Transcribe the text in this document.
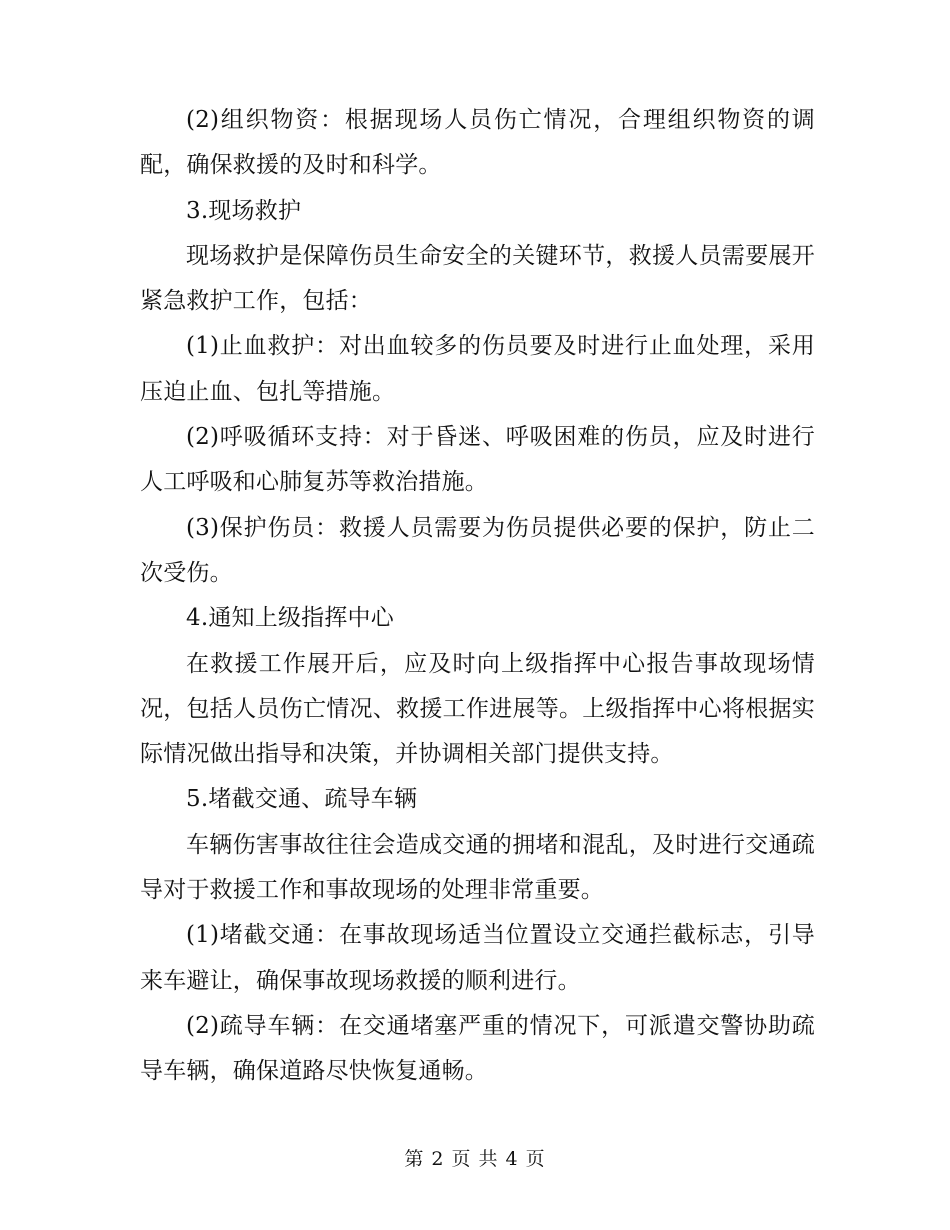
(2)组织物资：根据现场人员伤亡情况，合理组织物资的调配，确保救援的及时和科学。

3.现场救护

现场救护是保障伤员生命安全的关键环节，救援人员需要展开紧急救护工作，包括：

(1)止血救护：对出血较多的伤员要及时进行止血处理，采用压迫止血、包扎等措施。

(2)呼吸循环支持：对于昏迷、呼吸困难的伤员，应及时进行人工呼吸和心肺复苏等救治措施。

(3)保护伤员：救援人员需要为伤员提供必要的保护，防止二次受伤。

4.通知上级指挥中心

在救援工作展开后，应及时向上级指挥中心报告事故现场情况，包括人员伤亡情况、救援工作进展等。上级指挥中心将根据实际情况做出指导和决策，并协调相关部门提供支持。

5.堵截交通、疏导车辆

车辆伤害事故往往会造成交通的拥堵和混乱，及时进行交通疏导对于救援工作和事故现场的处理非常重要。

(1)堵截交通：在事故现场适当位置设立交通拦截标志，引导来车避让，确保事故现场救援的顺利进行。

(2)疏导车辆：在交通堵塞严重的情况下，可派遣交警协助疏导车辆，确保道路尽快恢复通畅。

第 2 页 共 4 页
